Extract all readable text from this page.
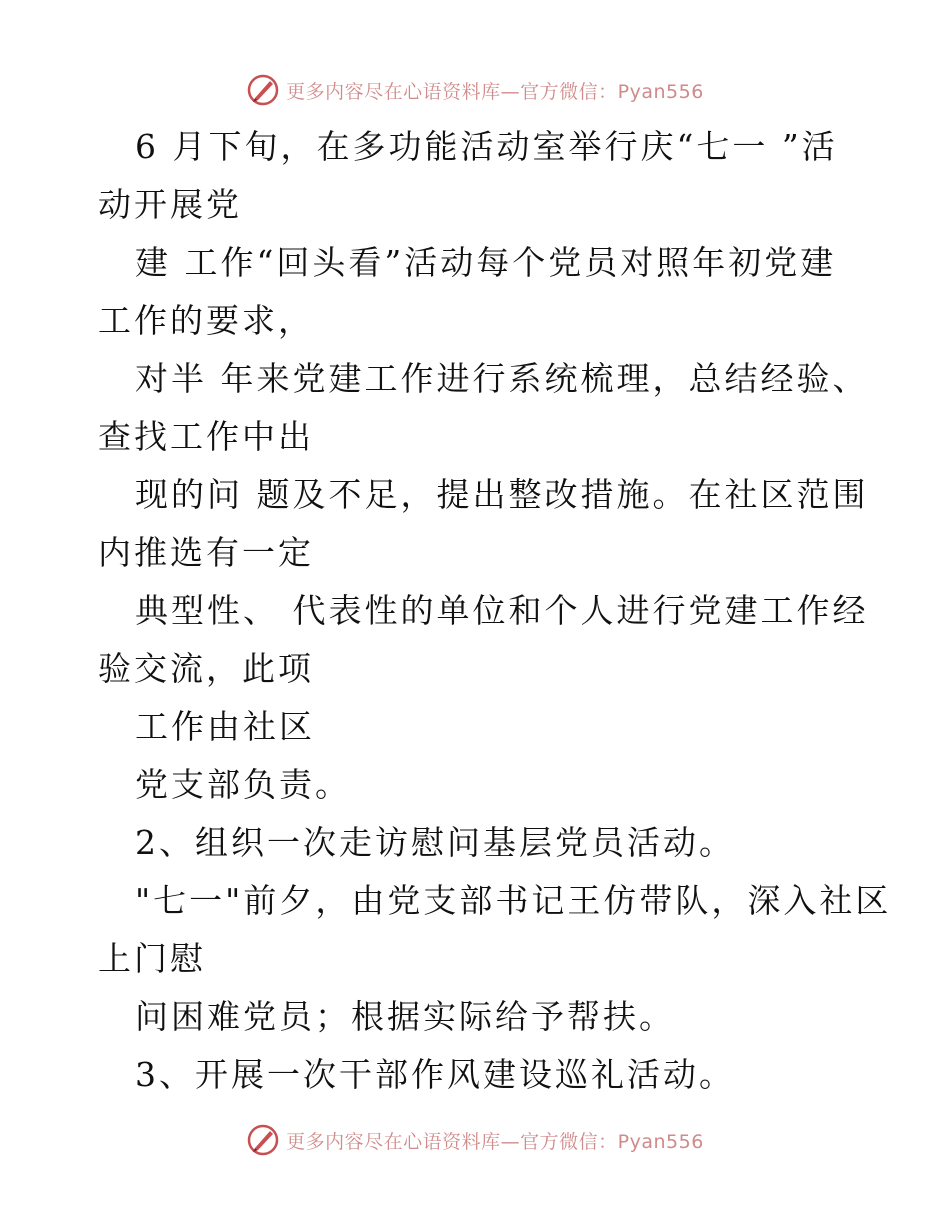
更多内容尽在心语资料库—官方微信：Pyan556

6 月下旬，在多功能活动室举行庆“七一 ”活
动开展党

建 工作“回头看”活动每个党员对照年初党建
工作的要求，

对半 年来党建工作进行系统梳理，总结经验、
查找工作中出

现的问 题及不足，提出整改措施。在社区范围
内推选有一定

典型性、 代表性的单位和个人进行党建工作经
验交流，此项

工作由社区

党支部负责。

2、组织一次走访慰问基层党员活动。

"七一"前夕，由党支部书记王仿带队，深入社区
上门慰

问困难党员；根据实际给予帮扶。

3、开展一次干部作风建设巡礼活动。

更多内容尽在心语资料库—官方微信：Pyan556
